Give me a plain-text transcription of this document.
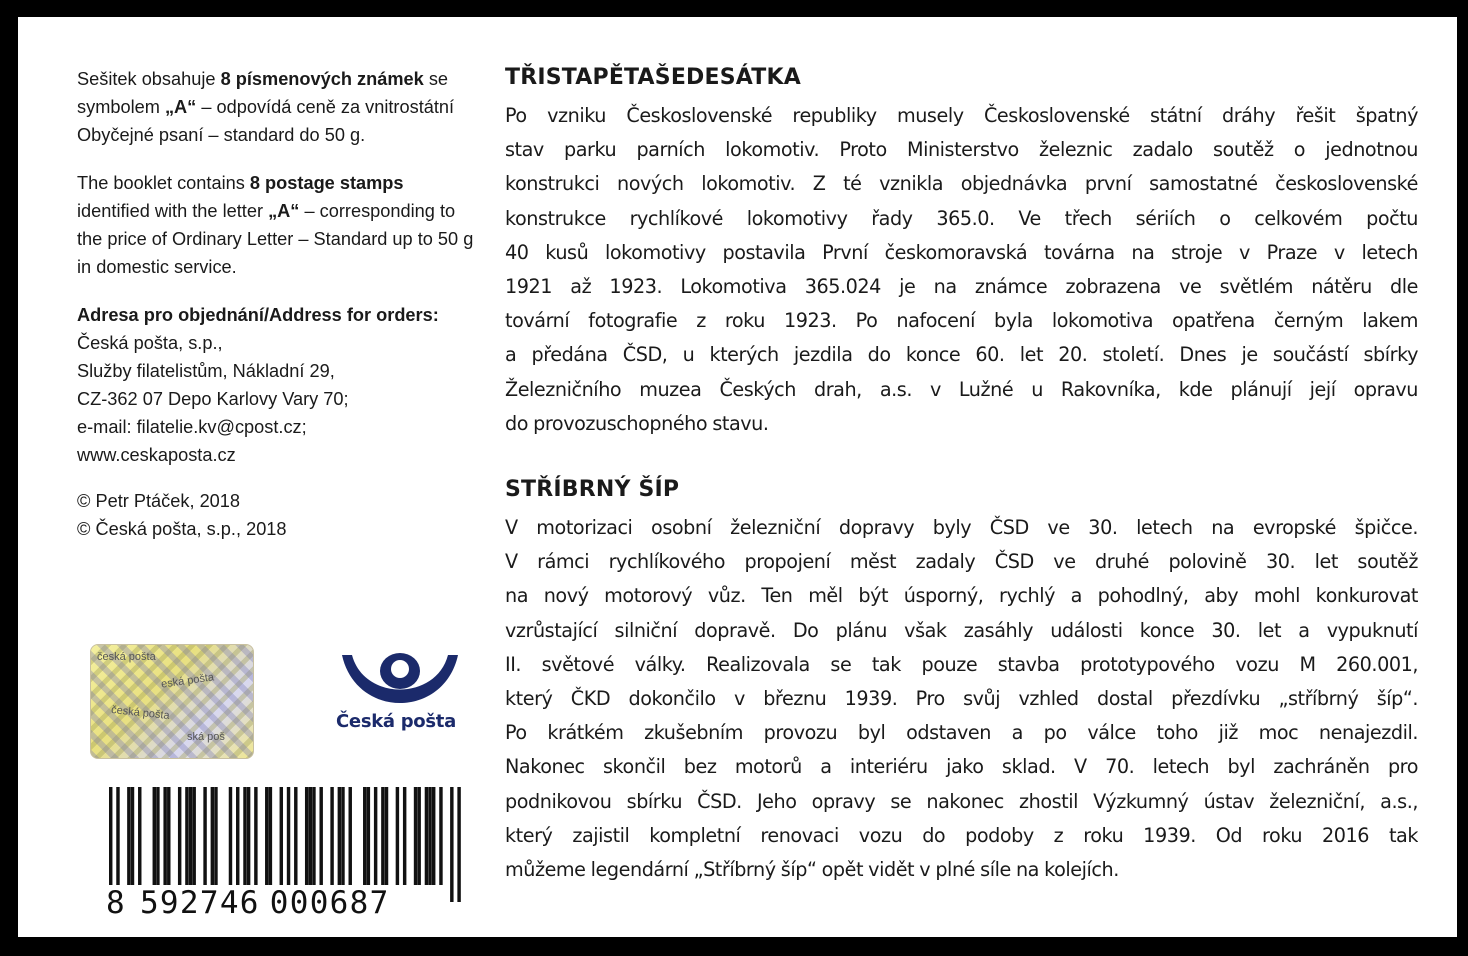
Sešitek obsahuje 8 písmenových známek se symbolem „A“ – odpovídá ceně za vnitrostátní Obyčejné psaní – standard do 50 g.

The booklet contains 8 postage stamps identified with the letter „A“ – corresponding to the price of Ordinary Letter – Standard up to 50 g in domestic service.

Adresa pro objednání/Address for orders:
Česká pošta, s.p.,
Služby filatelistům, Nákladní 29,
CZ-362 07 Depo Karlovy Vary 70;
e-mail: filatelie.kv@cpost.cz;
www.ceskaposta.cz

© Petr Ptáček, 2018
© Česká pošta, s.p., 2018

česká pošta
eská pošta
česká pošta
ská poš
Česká pošta
8 592746 000687
TŘISTAPĚTAŠEDESÁTKA
Po vzniku Československé republiky musely Československé státní dráhy řešit špatný
stav parku parních lokomotiv. Proto Ministerstvo železnic zadalo soutěž o jednotnou
konstrukci nových lokomotiv. Z té vznikla objednávka první samostatné československé
konstrukce rychlíkové lokomotivy řady 365.0. Ve třech sériích o celkovém počtu
40 kusů lokomotivy postavila První českomoravská továrna na stroje v Praze v letech
1921 až 1923. Lokomotiva 365.024 je na známce zobrazena ve světlém nátěru dle
tovární fotografie z roku 1923. Po nafocení byla lokomotiva opatřena černým lakem
a předána ČSD, u kterých jezdila do konce 60. let 20. století. Dnes je součástí sbírky
Železničního muzea Českých drah, a.s. v Lužné u Rakovníka, kde plánují její opravu
do provozuschopného stavu.
STŘÍBRNÝ ŠÍP
V motorizaci osobní železniční dopravy byly ČSD ve 30. letech na evropské špičce.
V rámci rychlíkového propojení měst zadaly ČSD ve druhé polovině 30. let soutěž
na nový motorový vůz. Ten měl být úsporný, rychlý a pohodlný, aby mohl konkurovat
vzrůstající silniční dopravě. Do plánu však zasáhly události konce 30. let a vypuknutí
II. světové války. Realizovala se tak pouze stavba prototypového vozu M 260.001,
který ČKD dokončilo v březnu 1939. Pro svůj vzhled dostal přezdívku „stříbrný šíp“.
Po krátkém zkušebním provozu byl odstaven a po válce toho již moc nenajezdil.
Nakonec skončil bez motorů a interiéru jako sklad. V 70. letech byl zachráněn pro
podnikovou sbírku ČSD. Jeho opravy se nakonec zhostil Výzkumný ústav železniční, a.s.,
který zajistil kompletní renovaci vozu do podoby z roku 1939. Od roku 2016 tak
můžeme legendární „Stříbrný šíp“ opět vidět v plné síle na kolejích.
